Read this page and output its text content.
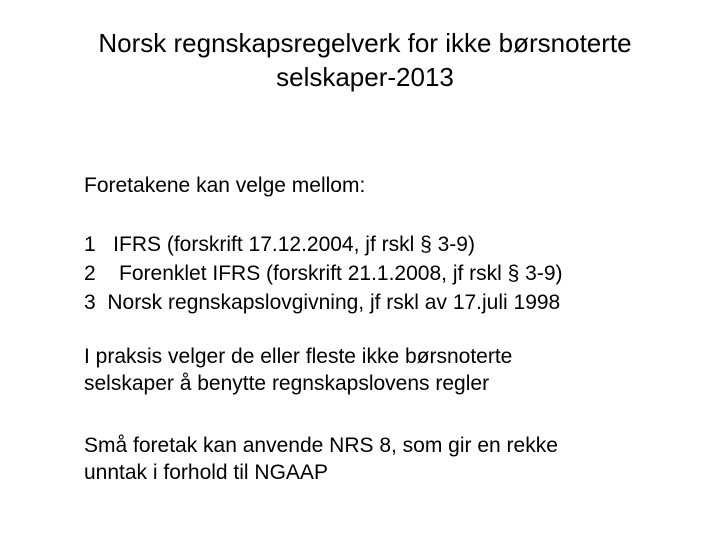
Norsk regnskapsregelverk for ikke børsnoterte
selskaper-2013
Foretakene kan velge mellom:
1   IFRS (forskrift 17.12.2004, jf rskl § 3-9)
2    Forenklet IFRS (forskrift 21.1.2008, jf rskl § 3-9)
3  Norsk regnskapslovgivning, jf rskl av 17.juli 1998
I praksis velger de eller fleste ikke børsnoterte
selskaper å benytte regnskapslovens regler
Små foretak kan anvende NRS 8, som gir en rekke
unntak i forhold til NGAAP
